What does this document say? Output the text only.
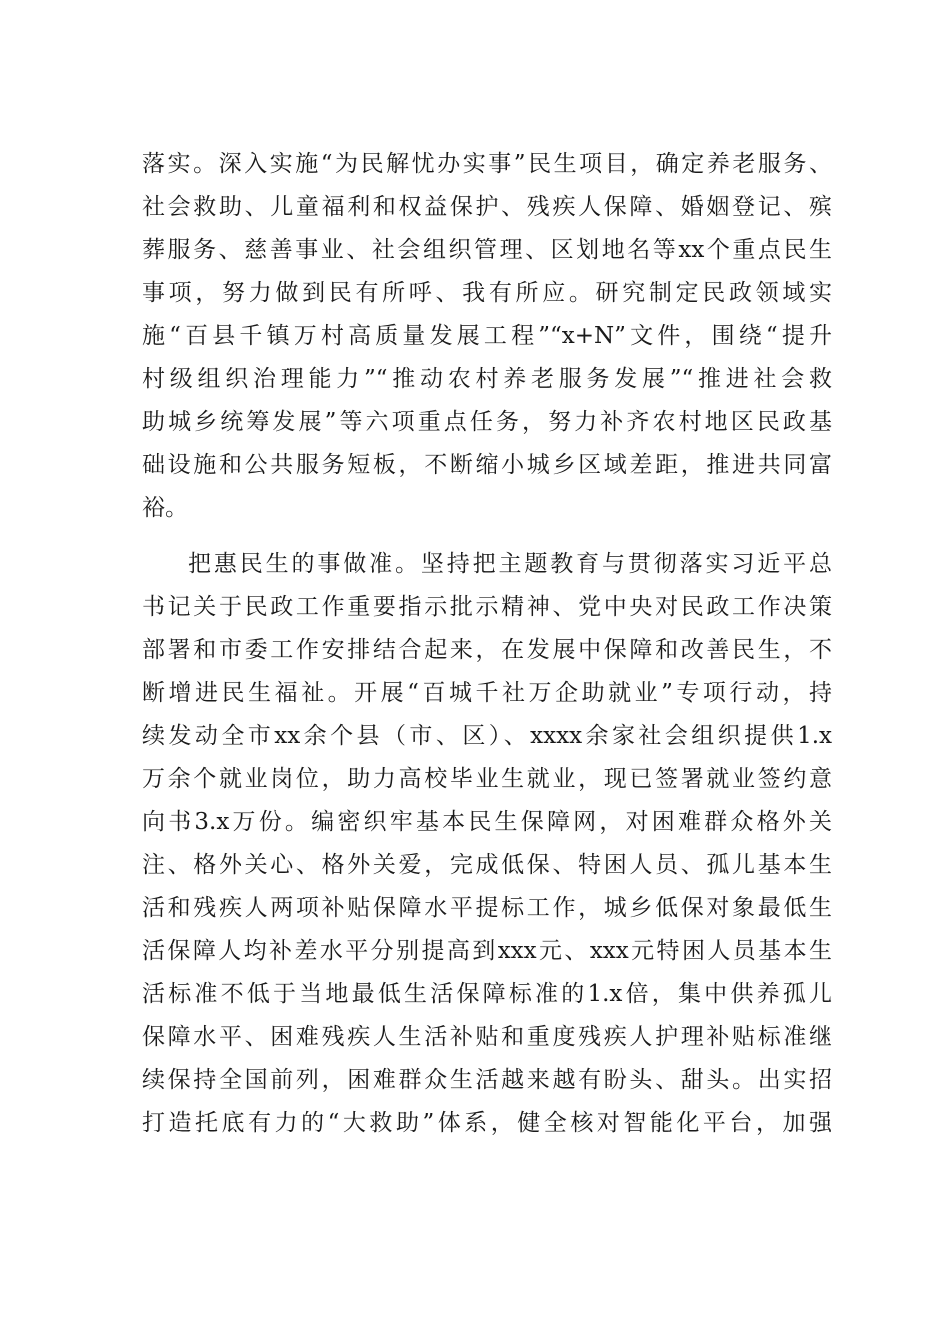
落实。深入实施“为民解忧办实事”民生项目，确定养老服务、
社会救助、儿童福利和权益保护、残疾人保障、婚姻登记、殡
葬服务、慈善事业、社会组织管理、区划地名等xx个重点民生
事项，努力做到民有所呼、我有所应。研究制定民政领域实
施“百县千镇万村高质量发展工程”“x+N”文件，围绕“提升
村级组织治理能力”“推动农村养老服务发展”“推进社会救
助城乡统筹发展”等六项重点任务，努力补齐农村地区民政基
础设施和公共服务短板，不断缩小城乡区域差距，推进共同富
裕。
把惠民生的事做准。坚持把主题教育与贯彻落实习近平总
书记关于民政工作重要指示批示精神、党中央对民政工作决策
部署和市委工作安排结合起来，在发展中保障和改善民生，不
断增进民生福祉。开展“百城千社万企助就业”专项行动，持
续发动全市xx余个县（市、区）、xxxx余家社会组织提供1.x
万余个就业岗位，助力高校毕业生就业，现已签署就业签约意
向书3.x万份。编密织牢基本民生保障网，对困难群众格外关
注、格外关心、格外关爱，完成低保、特困人员、孤儿基本生
活和残疾人两项补贴保障水平提标工作，城乡低保对象最低生
活保障人均补差水平分别提高到xxx元、xxx元特困人员基本生
活标准不低于当地最低生活保障标准的1.x倍，集中供养孤儿
保障水平、困难残疾人生活补贴和重度残疾人护理补贴标准继
续保持全国前列，困难群众生活越来越有盼头、甜头。出实招
打造托底有力的“大救助”体系，健全核对智能化平台，加强
